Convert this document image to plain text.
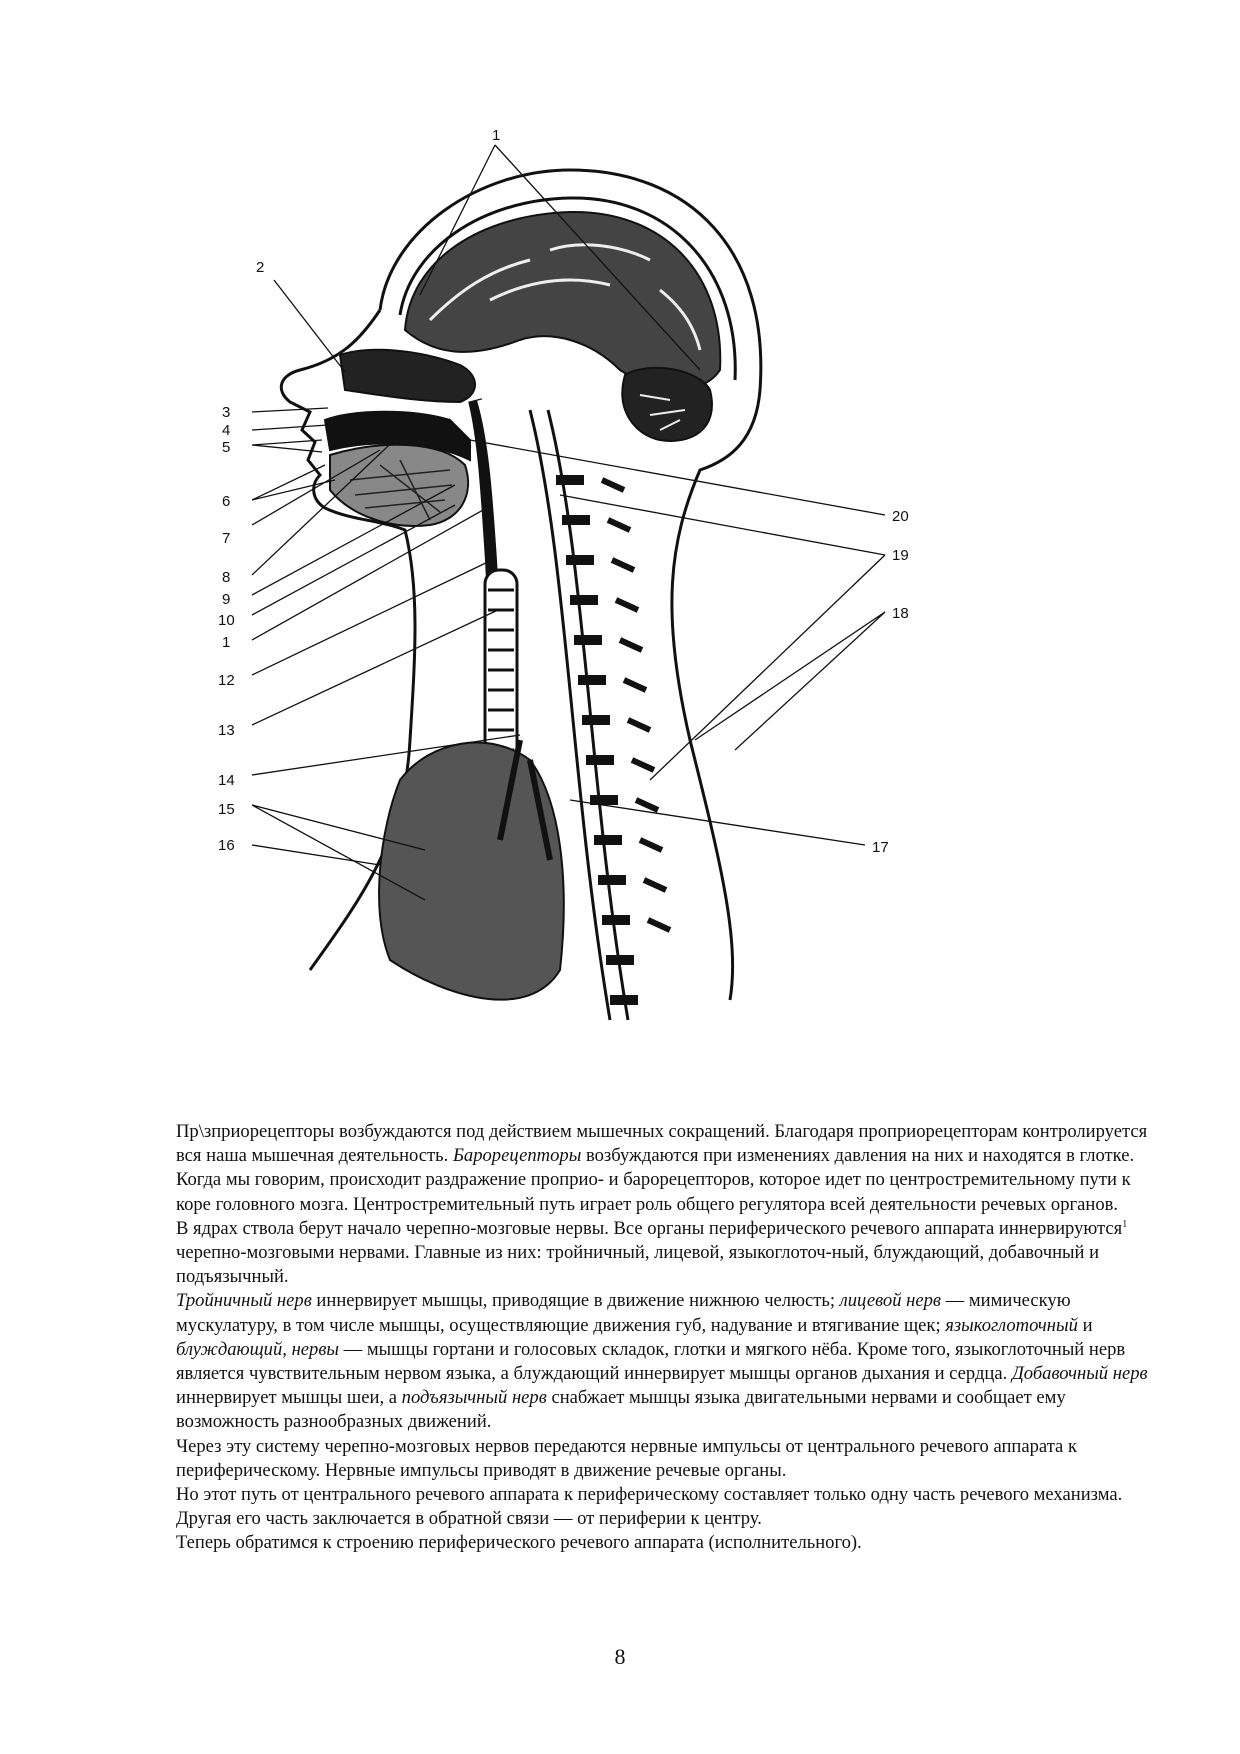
1
2
3
4
5
6
7
8
9
10
1
12
13
14
15
16	17
18
19
20

Пр\зприорецепторы возбуждаются под действием мышечных сокращений. Благодаря проприорецепторам контролируется вся наша мышечная деятельность. Барорецепторы возбуждаются при изменениях давления на них и находятся в глотке. Когда мы говорим, происходит раздражение проприо- и барорецепторов, которое идет по центростремительному пути к коре головного мозга. Центростремительный путь играет роль общего регулятора всей деятельности речевых органов.

В ядрах ствола берут начало черепно-мозговые нервы. Все органы периферического речевого аппарата иннервируются$^1$ черепно-мозговыми нервами. Главные из них: тройничный, лицевой, языкоглоточ-ный, блуждающий, добавочный и подъязычный.

Тройничный нерв иннервирует мышцы, приводящие в движение нижнюю челюсть; лицевой нерв — мимическую мускулатуру, в том числе мышцы, осуществляющие движения губ, надувание и втягивание щек; языкоглоточный и блуждающий, нервы — мышцы гортани и голосовых складок, глотки и мягкого нёба. Кроме того, языкоглоточный нерв является чувствительным нервом языка, а блуждающий иннервирует мышцы органов дыхания и сердца. Добавочный нерв иннервирует мышцы шеи, а подъязычный нерв снабжает мышцы языка двигательными нервами и сообщает ему возможность разнообразных движений.

Через эту систему черепно-мозговых нервов передаются нервные импульсы от центрального речевого аппарата к периферическому. Нервные импульсы приводят в движение речевые органы.

Но этот путь от центрального речевого аппарата к периферическому составляет только одну часть речевого механизма. Другая его часть заключается в обратной связи — от периферии к центру.

Теперь обратимся к строению периферического речевого аппарата (исполнительного).

8
